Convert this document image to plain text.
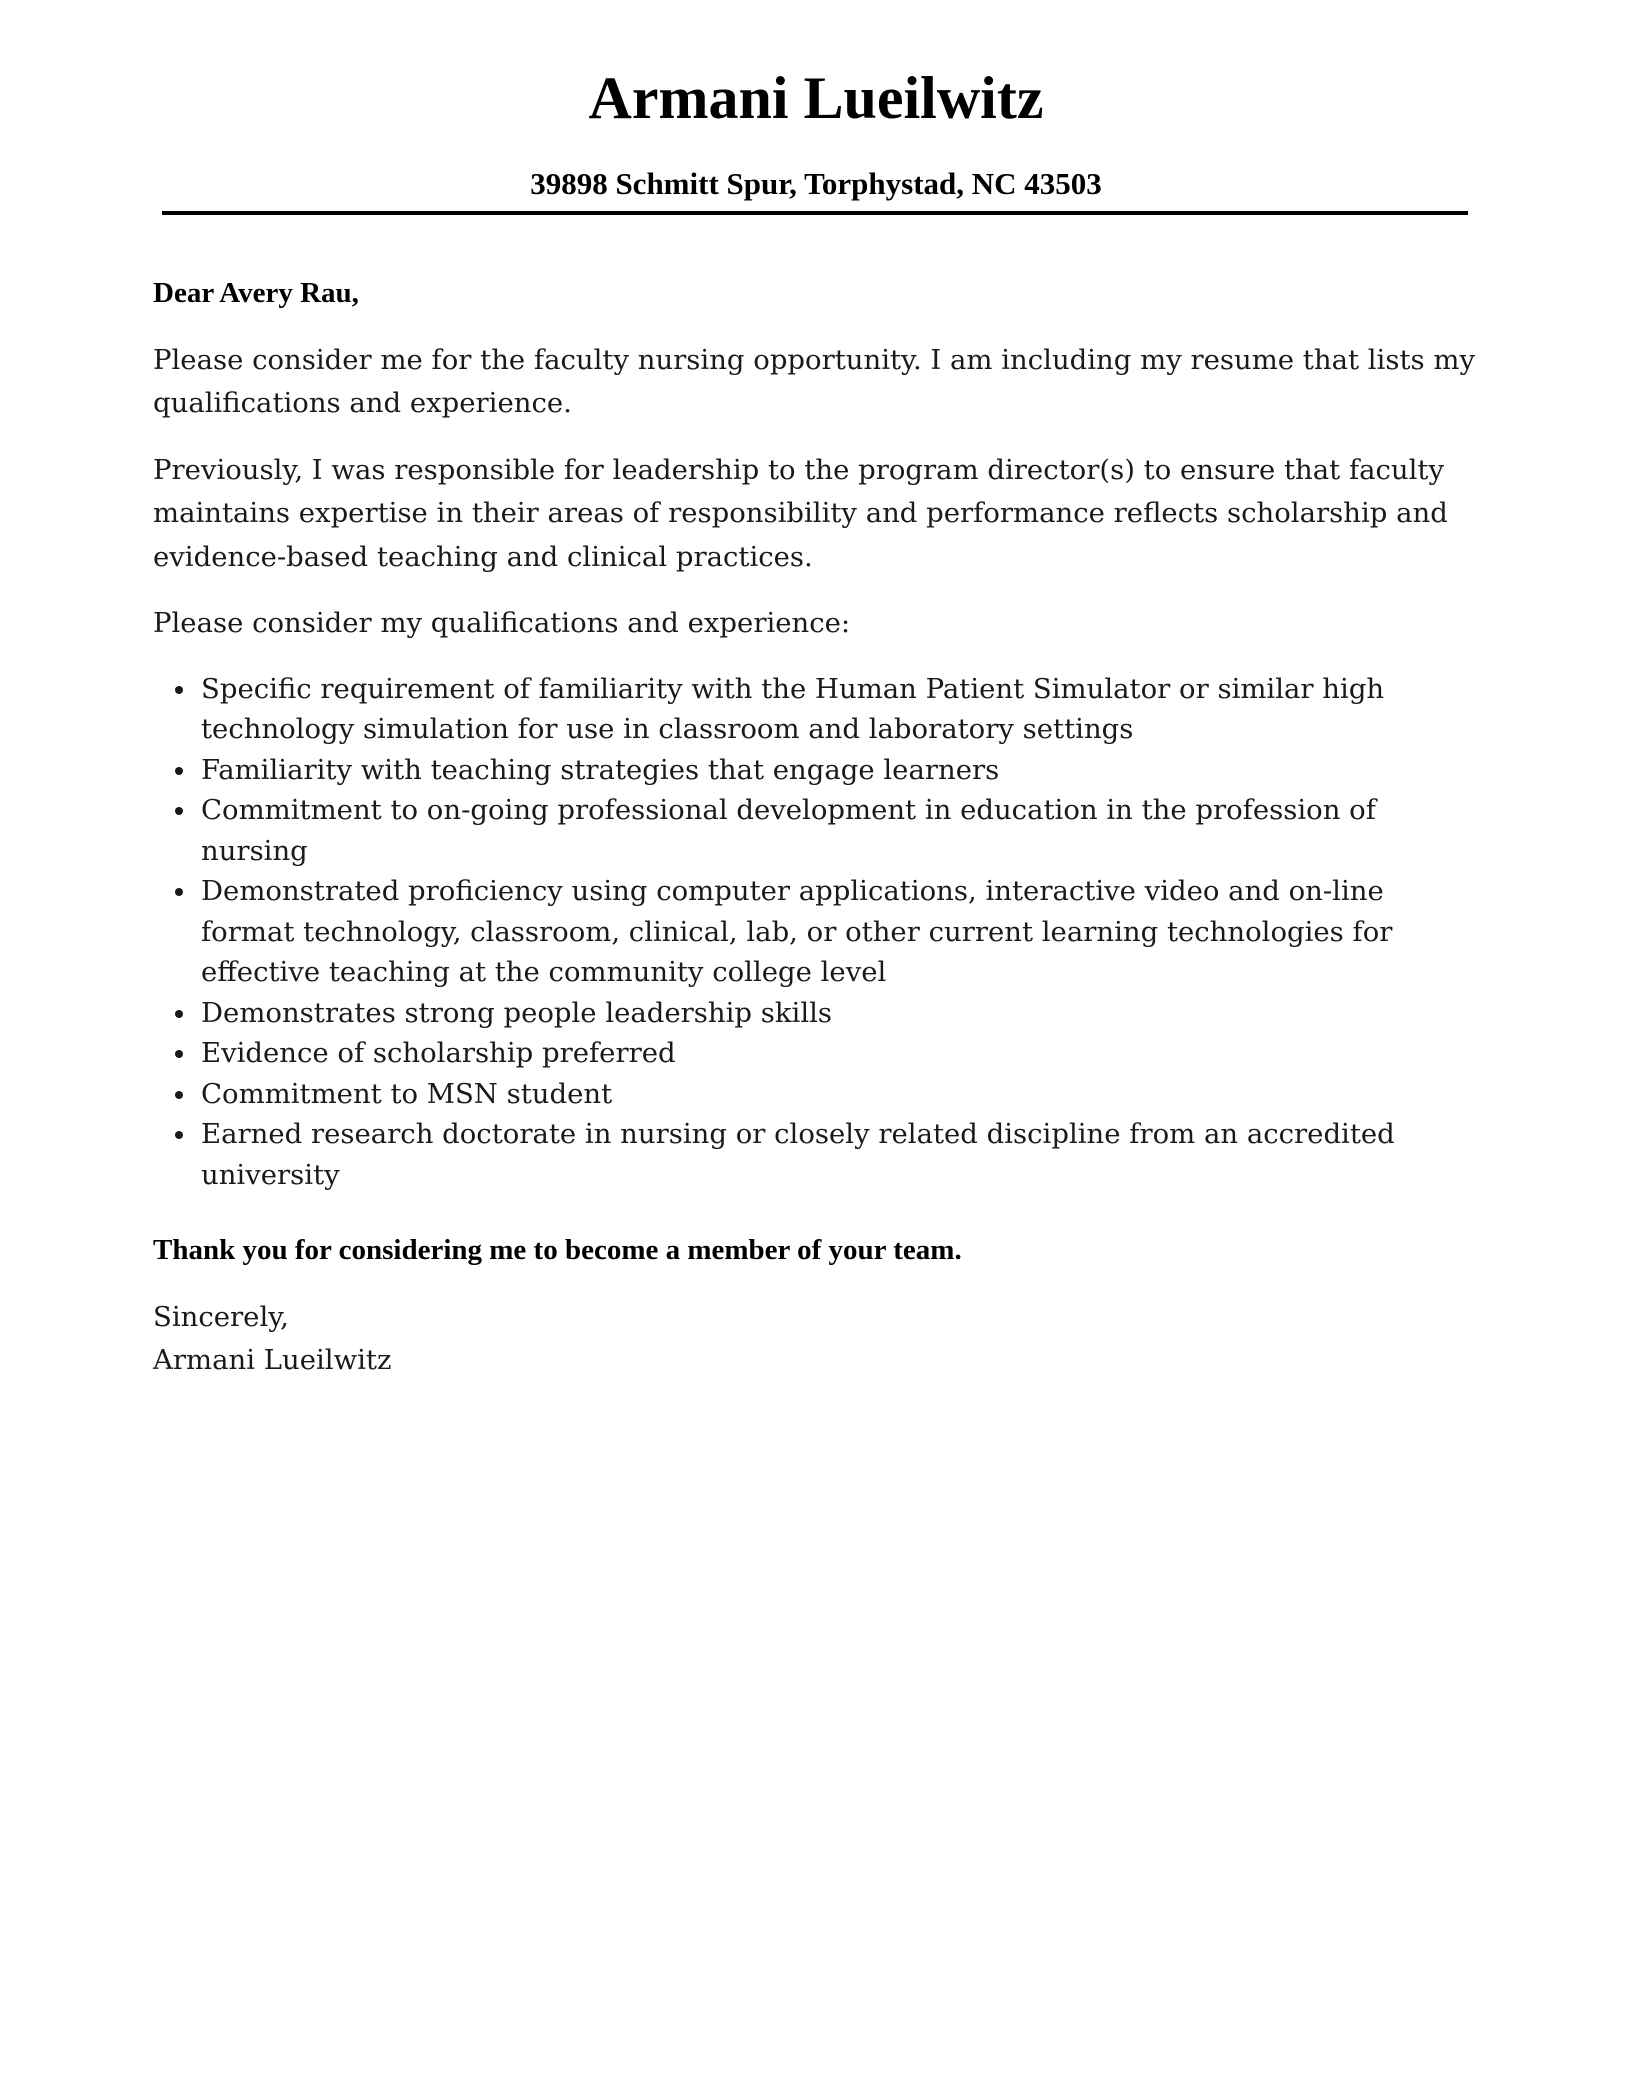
Armani Lueilwitz
39898 Schmitt Spur, Torphystad, NC 43503

Dear Avery Rau,

Please consider me for the faculty nursing opportunity. I am including my resume that lists my qualifications and experience.

Previously, I was responsible for leadership to the program director(s) to ensure that faculty maintains expertise in their areas of responsibility and performance reflects scholarship and evidence-based teaching and clinical practices.

Please consider my qualifications and experience:

Specific requirement of familiarity with the Human Patient Simulator or similar high technology simulation for use in classroom and laboratory settings
Familiarity with teaching strategies that engage learners
Commitment to on-going professional development in education in the profession of nursing
Demonstrated proficiency using computer applications, interactive video and on-line format technology, classroom, clinical, lab, or other current learning technologies for effective teaching at the community college level
Demonstrates strong people leadership skills
Evidence of scholarship preferred
Commitment to MSN student
Earned research doctorate in nursing or closely related discipline from an accredited university

Thank you for considering me to become a member of your team.

Sincerely,
Armani Lueilwitz
